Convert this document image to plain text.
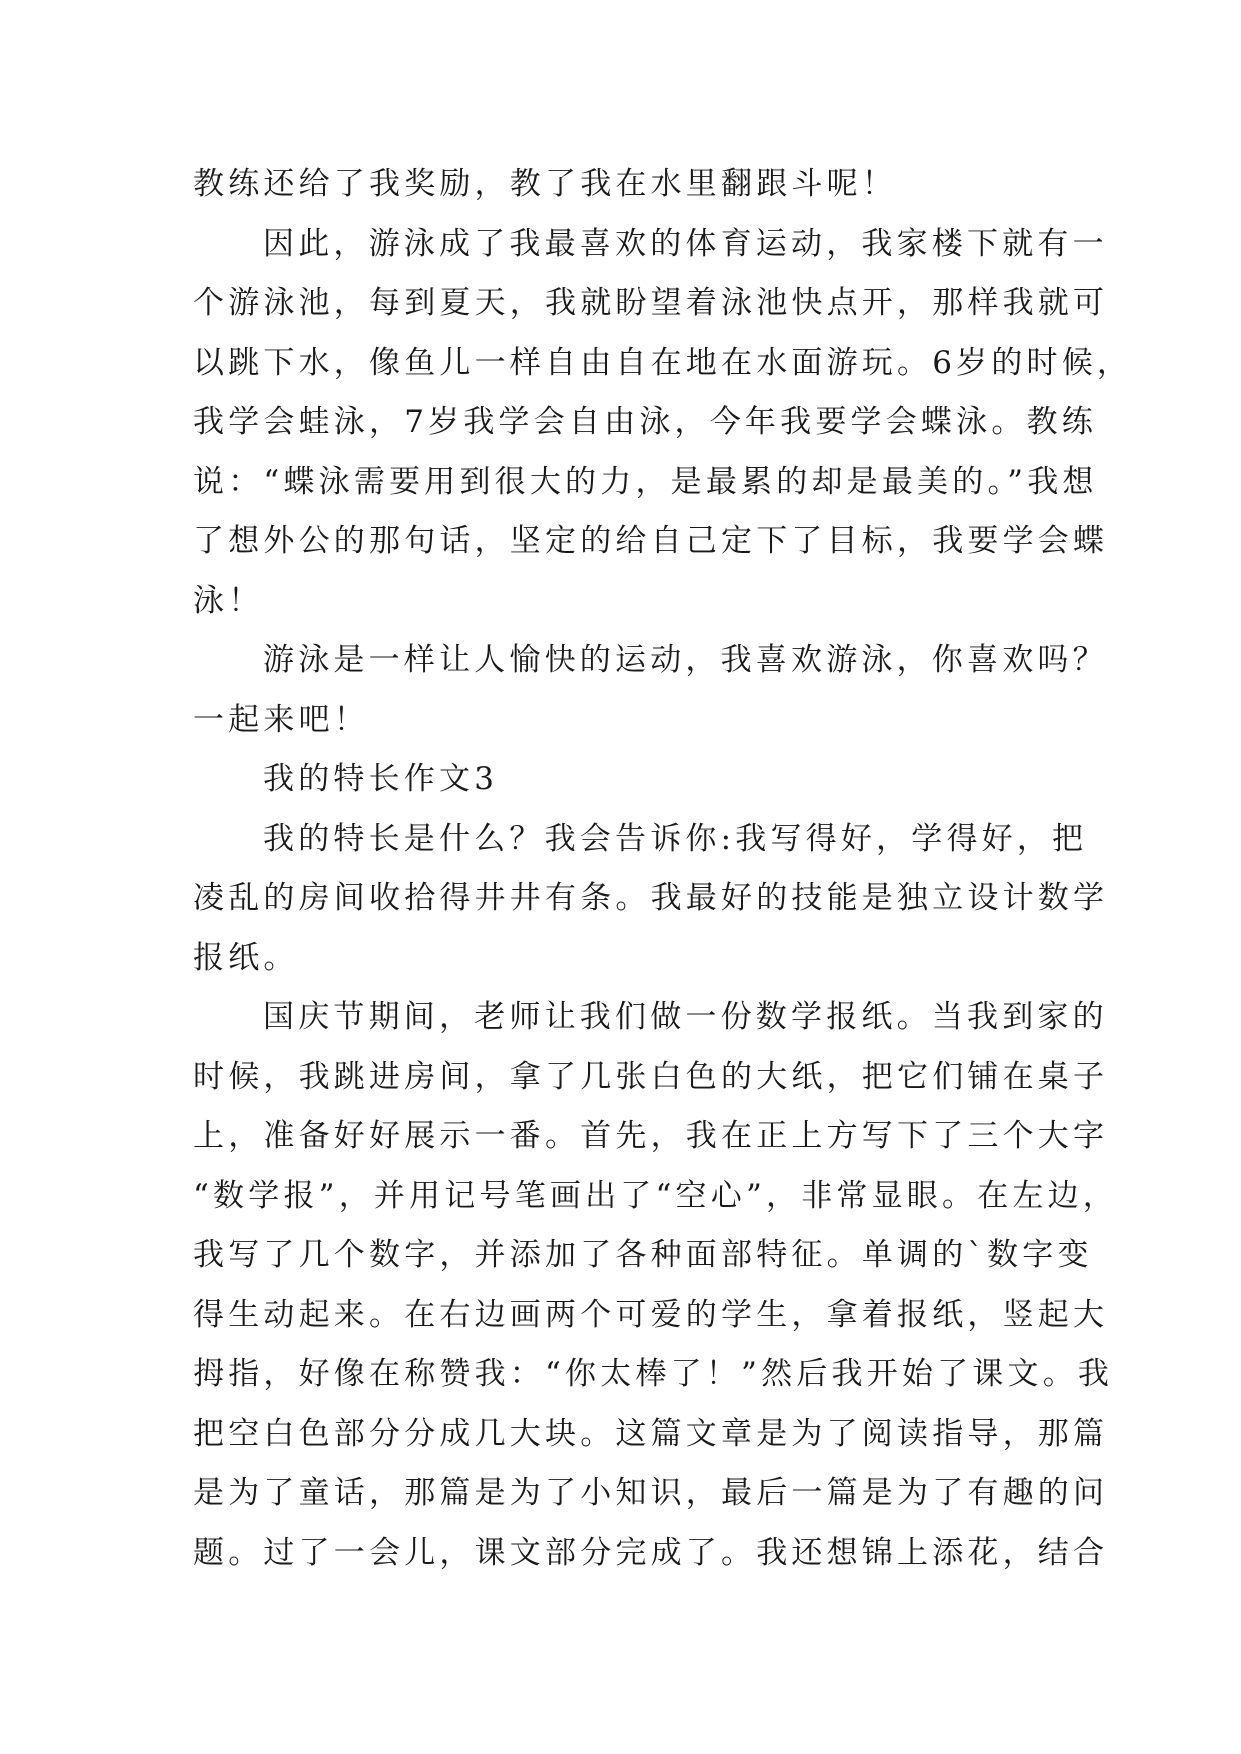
教练还给了我奖励，教了我在水里翻跟斗呢！
因此，游泳成了我最喜欢的体育运动，我家楼下就有一
个游泳池，每到夏天，我就盼望着泳池快点开，那样我就可
以跳下水，像鱼儿一样自由自在地在水面游玩。6岁的时候，
我学会蛙泳，7岁我学会自由泳，今年我要学会蝶泳。教练
说：“蝶泳需要用到很大的力，是最累的却是最美的。”我想
了想外公的那句话，坚定的给自己定下了目标，我要学会蝶
泳！
游泳是一样让人愉快的运动，我喜欢游泳，你喜欢吗？
一起来吧！
我的特长作文3
我的特长是什么？我会告诉你:我写得好，学得好，把
凌乱的房间收拾得井井有条。我最好的技能是独立设计数学
报纸。
国庆节期间，老师让我们做一份数学报纸。当我到家的
时候，我跳进房间，拿了几张白色的大纸，把它们铺在桌子
上，准备好好展示一番。首先，我在正上方写下了三个大字
“数学报”，并用记号笔画出了“空心”，非常显眼。在左边，
我写了几个数字，并添加了各种面部特征。单调的`数字变
得生动起来。在右边画两个可爱的学生，拿着报纸，竖起大
拇指，好像在称赞我：“你太棒了！”然后我开始了课文。我
把空白色部分分成几大块。这篇文章是为了阅读指导，那篇
是为了童话，那篇是为了小知识，最后一篇是为了有趣的问
题。过了一会儿，课文部分完成了。我还想锦上添花，结合
